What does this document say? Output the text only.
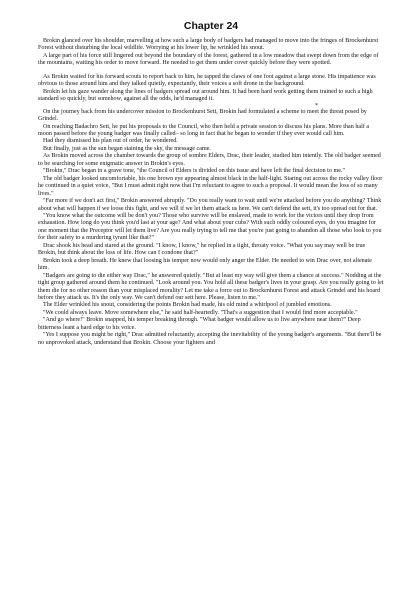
Chapter 24

Brokin glanced over his shoulder, marvelling at how such a large body of badgers had managed to move into the fringes of Brockenhurst Forest without disturbing the local wildlife. Worrying at his lower lip, he wrinkled his snout.

A large part of his force still lingered out beyond the boundary of the forest, gathered in a low meadow that swept down from the edge of the mountains, waiting his order to move forward. He needed to get them under cover quickly before they were spotted.

As Brokin waited for his forward scouts to report back to him, he tapped the claws of one foot against a large stone. His impatience was obvious to those around him and they talked quietly, expectantly, their voices a soft drone in the background.

Brokin let his gaze wander along the lines of badgers spread out around him. It had been hard work getting them trained to such a high standard so quickly, but somehow, against all the odds, he'd managed it.

*

On the journey back from his undercover mission to Brockenhurst Sett, Brokin had formulated a scheme to meet the threat posed by Grindel.

On reaching Badachro Sett, he put his proposals to the Council, who then held a private session to discuss his plans. More than half a moon passed before the young badger was finally called– so long in fact that he began to wonder if they ever would call him.

Had they dismissed his plan out of order, he wondered.

But finally, just as the sun began staining the sky, the message came.

As Brokin moved across the chamber towards the group of sombre Elders, Drac, their leader, studied him intently. The old badger seemed to be searching for some enigmatic answer in Brokin's eyes.

"Brokin," Drac began in a grave tone, "the Council of Elders is divided on this issue and have left the final decision to me."

The old badger looked uncomfortable, his one brown eye appearing almost black in the half-light. Staring out across the rocky valley floor he continued in a quiet voice, "But I must admit right now that I'm reluctant to agree to such a proposal. It would mean the loss of so many lives."

"Far more if we don't act first," Brokin answered abruptly. "Do you really want to wait until we're attacked before you do anything? Think about what will happen if we loose this fight, and we will if we let them attack us here. We can't defend the sett, it's too spread out for that.

"You know what the outcome will be don't you? Those who survive will be enslaved, made to work for the victors until they drop from exhaustion. How long do you think you'd last at your age? And what about your cubs? With such oddly coloured eyes, do you imagine for one moment that the Preceptor will let them live? Are you really trying to tell me that you're just going to abandon all those who look to you for their safety to a murdering tyrant like that?"

Drac shook his head and stared at the ground. "I know, I know," he replied in a tight, throaty voice. "What you say may well be true Brokin, but think about the loss of life. How can I condone that?"

Brokin took a deep breath. He knew that loosing his temper now would only anger the Elder. He needed to win Drac over, not alienate him.

"Badgers are going to die either way Drac," he answered quietly. "But at least my way will give them a chance at success." Nodding at the tight group gathered around them he continued. "Look around you. You hold all these badger's lives in your grasp. Are you really going to let them die for no other reason than your misplaced morality? Let me take a force out to Brockenhurst Forest and attack Grindel and his hoard before they attack us. It's the only way. We can't defend our sett here. Please, listen to me."

The Elder wrinkled his snout, considering the points Brokin had made, his old mind a whirlpool of jumbled emotions.

"We could always leave. Move somewhere else," he said half-heartedly. "That's a suggestion that I would find more acceptable."

"And go where!" Brokin snapped, his temper breaking through. "What badger would allow us to live anywhere near them?" Deep bitterness leant a hard edge to his voice.

"Yes I suppose you might be right," Drac admitted reluctantly, accepting the inevitability of the young badger's arguments. "But there'll be no unprovoked attack, understand that Brokin. Choose your fighters and
